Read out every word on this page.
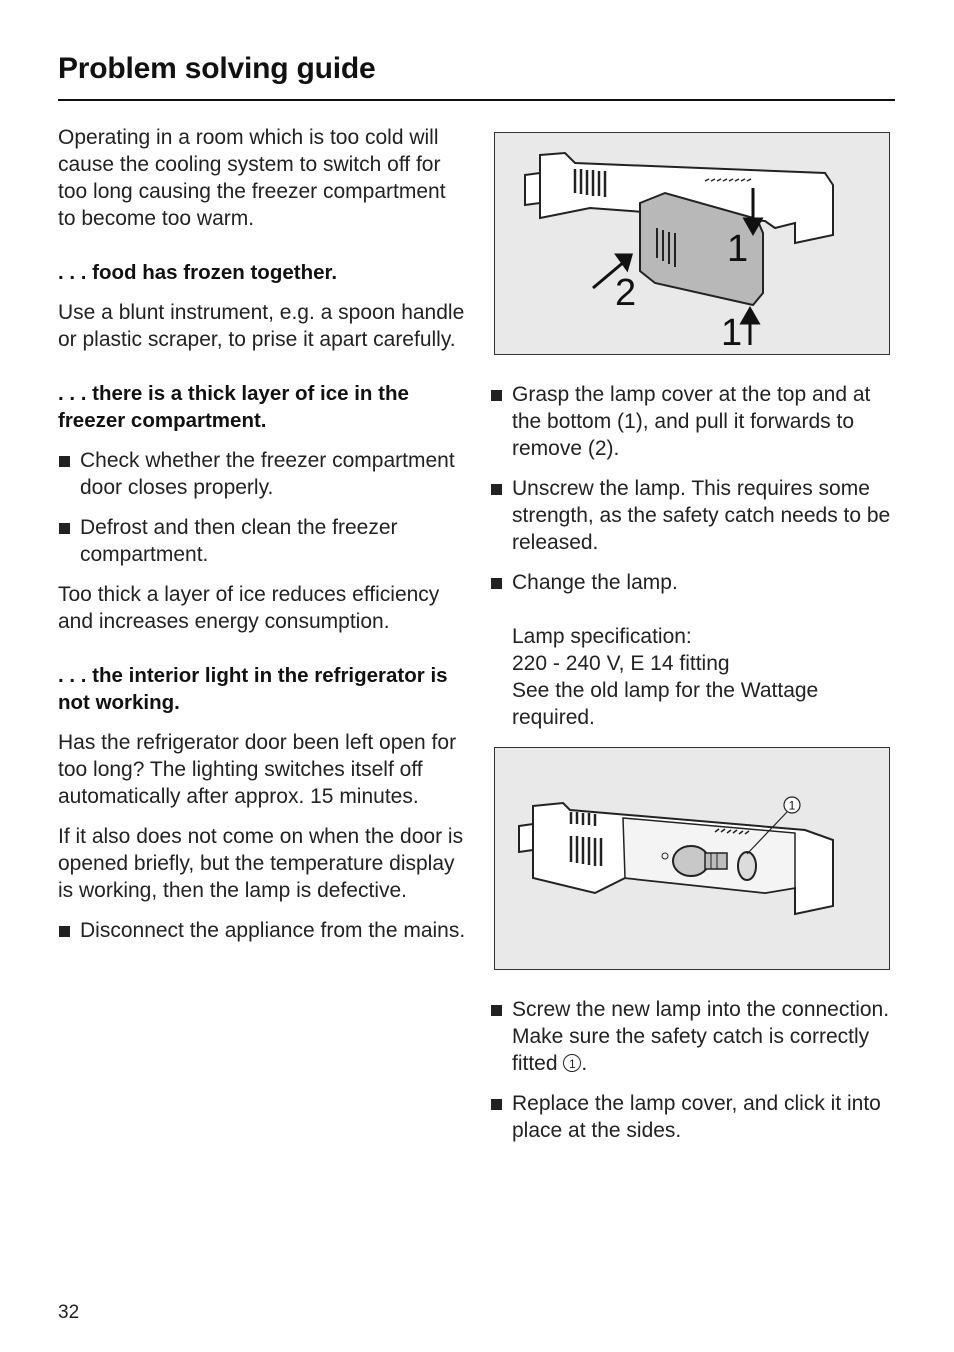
Problem solving guide

Operating in a room which is too cold will cause the cooling system to switch off for too long causing the freezer compartment to become too warm.

. . . food has frozen together.

Use a blunt instrument, e.g. a spoon handle or plastic scraper, to prise it apart carefully.

. . . there is a thick layer of ice in the freezer compartment.
Check whether the freezer compartment door closes properly.
Defrost and then clean the freezer compartment.

Too thick a layer of ice reduces efficiency and increases energy consumption.

. . . the interior light in the refrigerator is not working.

Has the refrigerator door been left open for too long? The lighting switches itself off automatically after approx. 15 minutes.

If it also does not come on when the door is opened briefly, but the temperature display is working, then the lamp is defective.

Disconnect the appliance from the mains.
1
2
1
Grasp the lamp cover at the top and at the bottom (1), and pull it forwards to remove (2).
Unscrew the lamp. This requires some strength, as the safety catch needs to be released.
Change the lamp.
Lamp specification:
220 - 240 V, E 14 fitting
See the old lamp for the Wattage required.
1
Screw the new lamp into the connection. Make sure the safety catch is correctly fitted 1 .
Replace the lamp cover, and click it into place at the sides.
32
